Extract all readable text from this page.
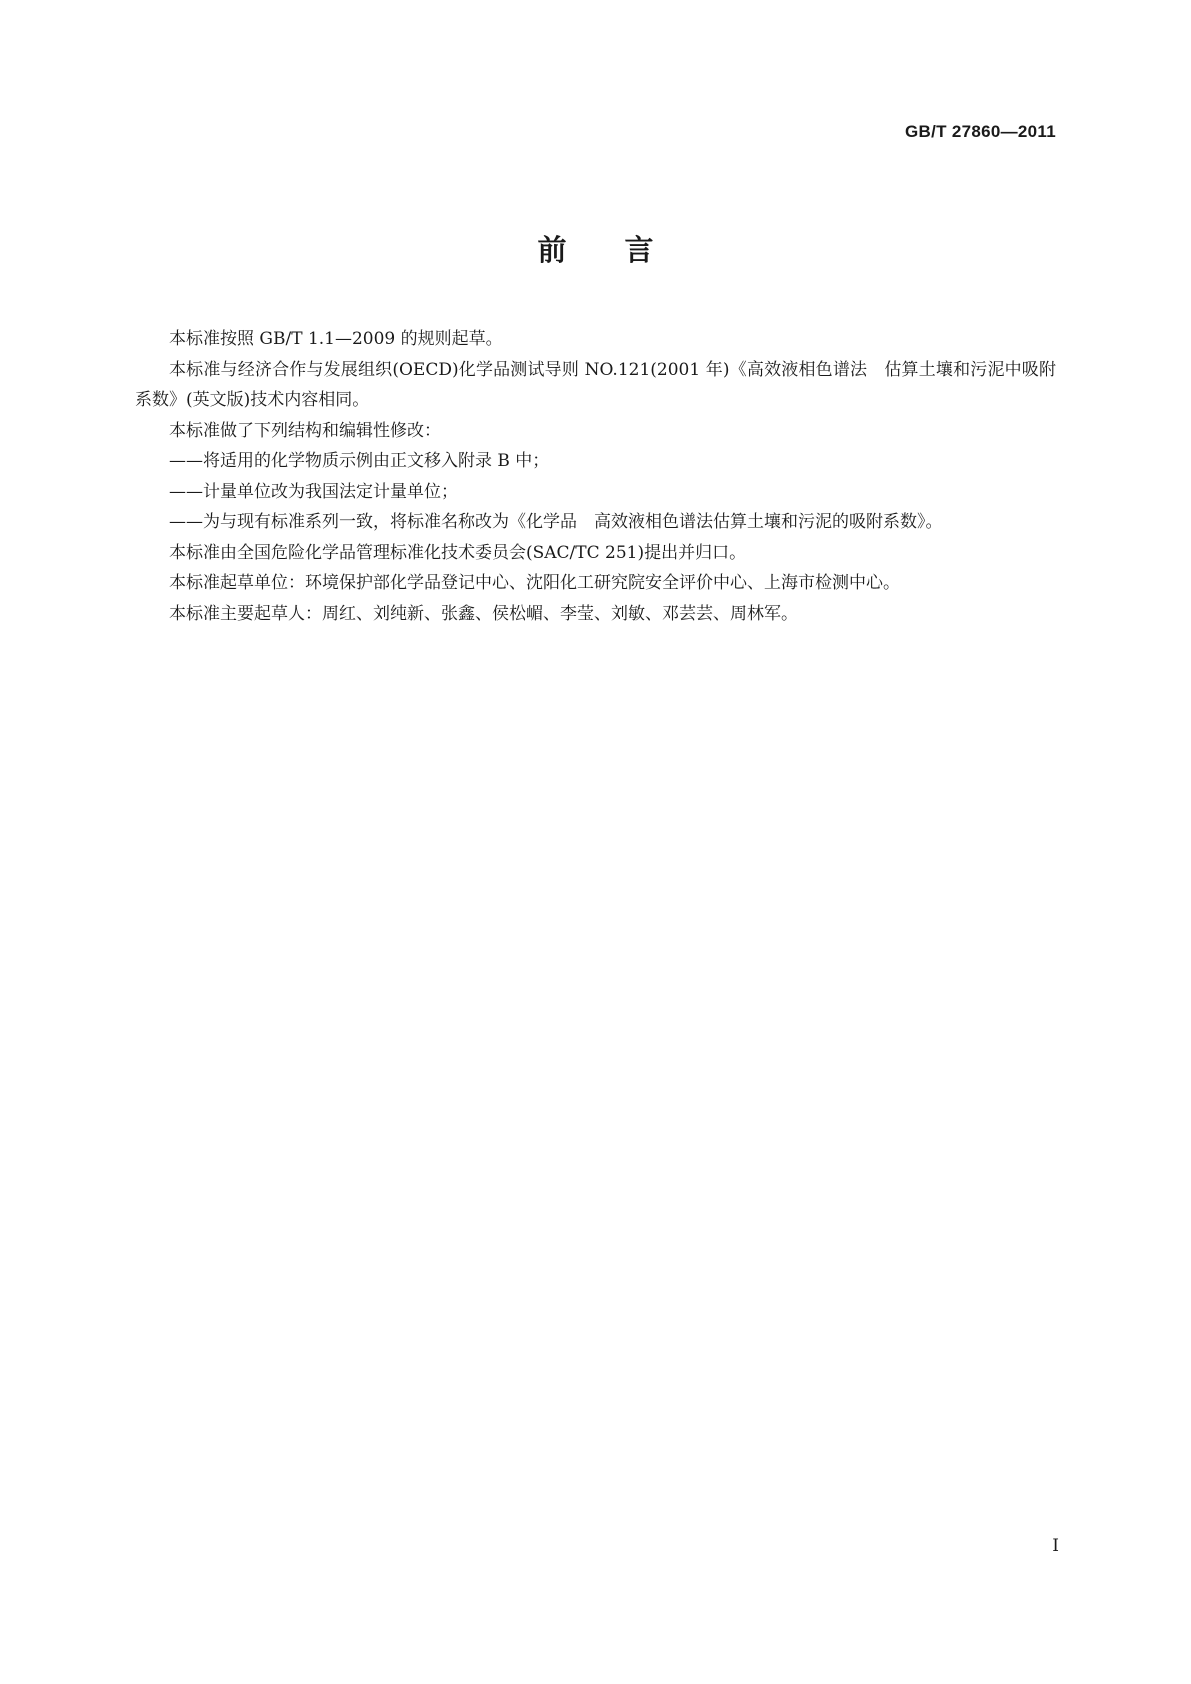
GB/T 27860—2011
前言

本标准按照 GB/T 1.1—2009 的规则起草。

本标准与经济合作与发展组织(OECD)化学品测试导则 NO.121(2001 年)《高效液相色谱法　估算土壤和污泥中吸附系数》(英文版)技术内容相同。

本标准做了下列结构和编辑性修改：

——将适用的化学物质示例由正文移入附录 B 中；

——计量单位改为我国法定计量单位；

——为与现有标准系列一致，将标准名称改为《化学品　高效液相色谱法估算土壤和污泥的吸附系数》。

本标准由全国危险化学品管理标准化技术委员会(SAC/TC 251)提出并归口。

本标准起草单位：环境保护部化学品登记中心、沈阳化工研究院安全评价中心、上海市检测中心。

本标准主要起草人：周红、刘纯新、张鑫、侯松嵋、李莹、刘敏、邓芸芸、周林军。

I
